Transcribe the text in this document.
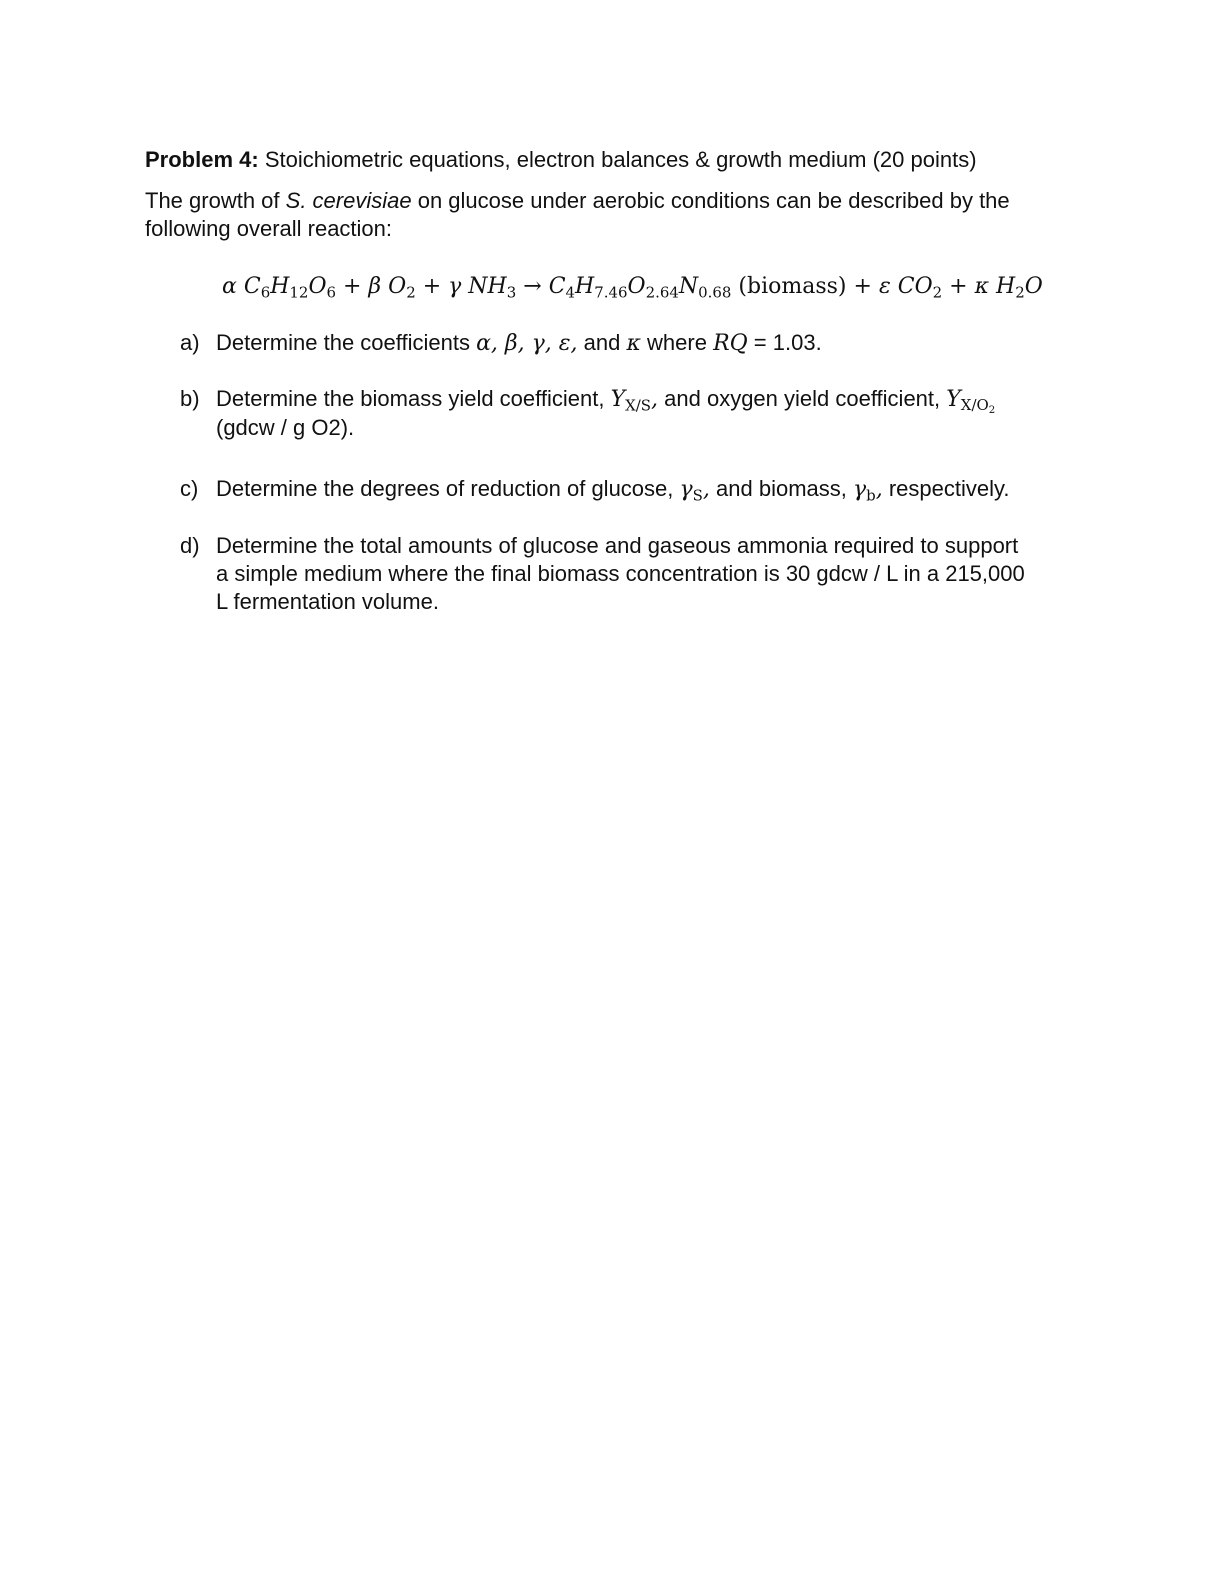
Problem 4: Stoichiometric equations, electron balances & growth medium (20 points)
The growth of S. cerevisiae on glucose under aerobic conditions can be described by the
following overall reaction:
α $C_6H_{12}O_6 + \beta$ $O_2 + \gamma$ $NH_3 \to C_4H_{7.46}O_{2.64}N_{0.68}$ (biomass) + ε $CO_2 + \kappa$ $H_2O$
a) Determine the coefficients α, β, γ, ε, and κ where RQ = 1.03.
b) Determine the biomass yield coefficient, $Y_{X/S}$, and oxygen yield coefficient, $Y_{X/O_2}$
(gdcw / g O2).
c) Determine the degrees of reduction of glucose, $\gamma_S$, and biomass, $\gamma_b$, respectively.
d) Determine the total amounts of glucose and gaseous ammonia required to support
a simple medium where the final biomass concentration is 30 gdcw / L in a 215,000
L fermentation volume.
